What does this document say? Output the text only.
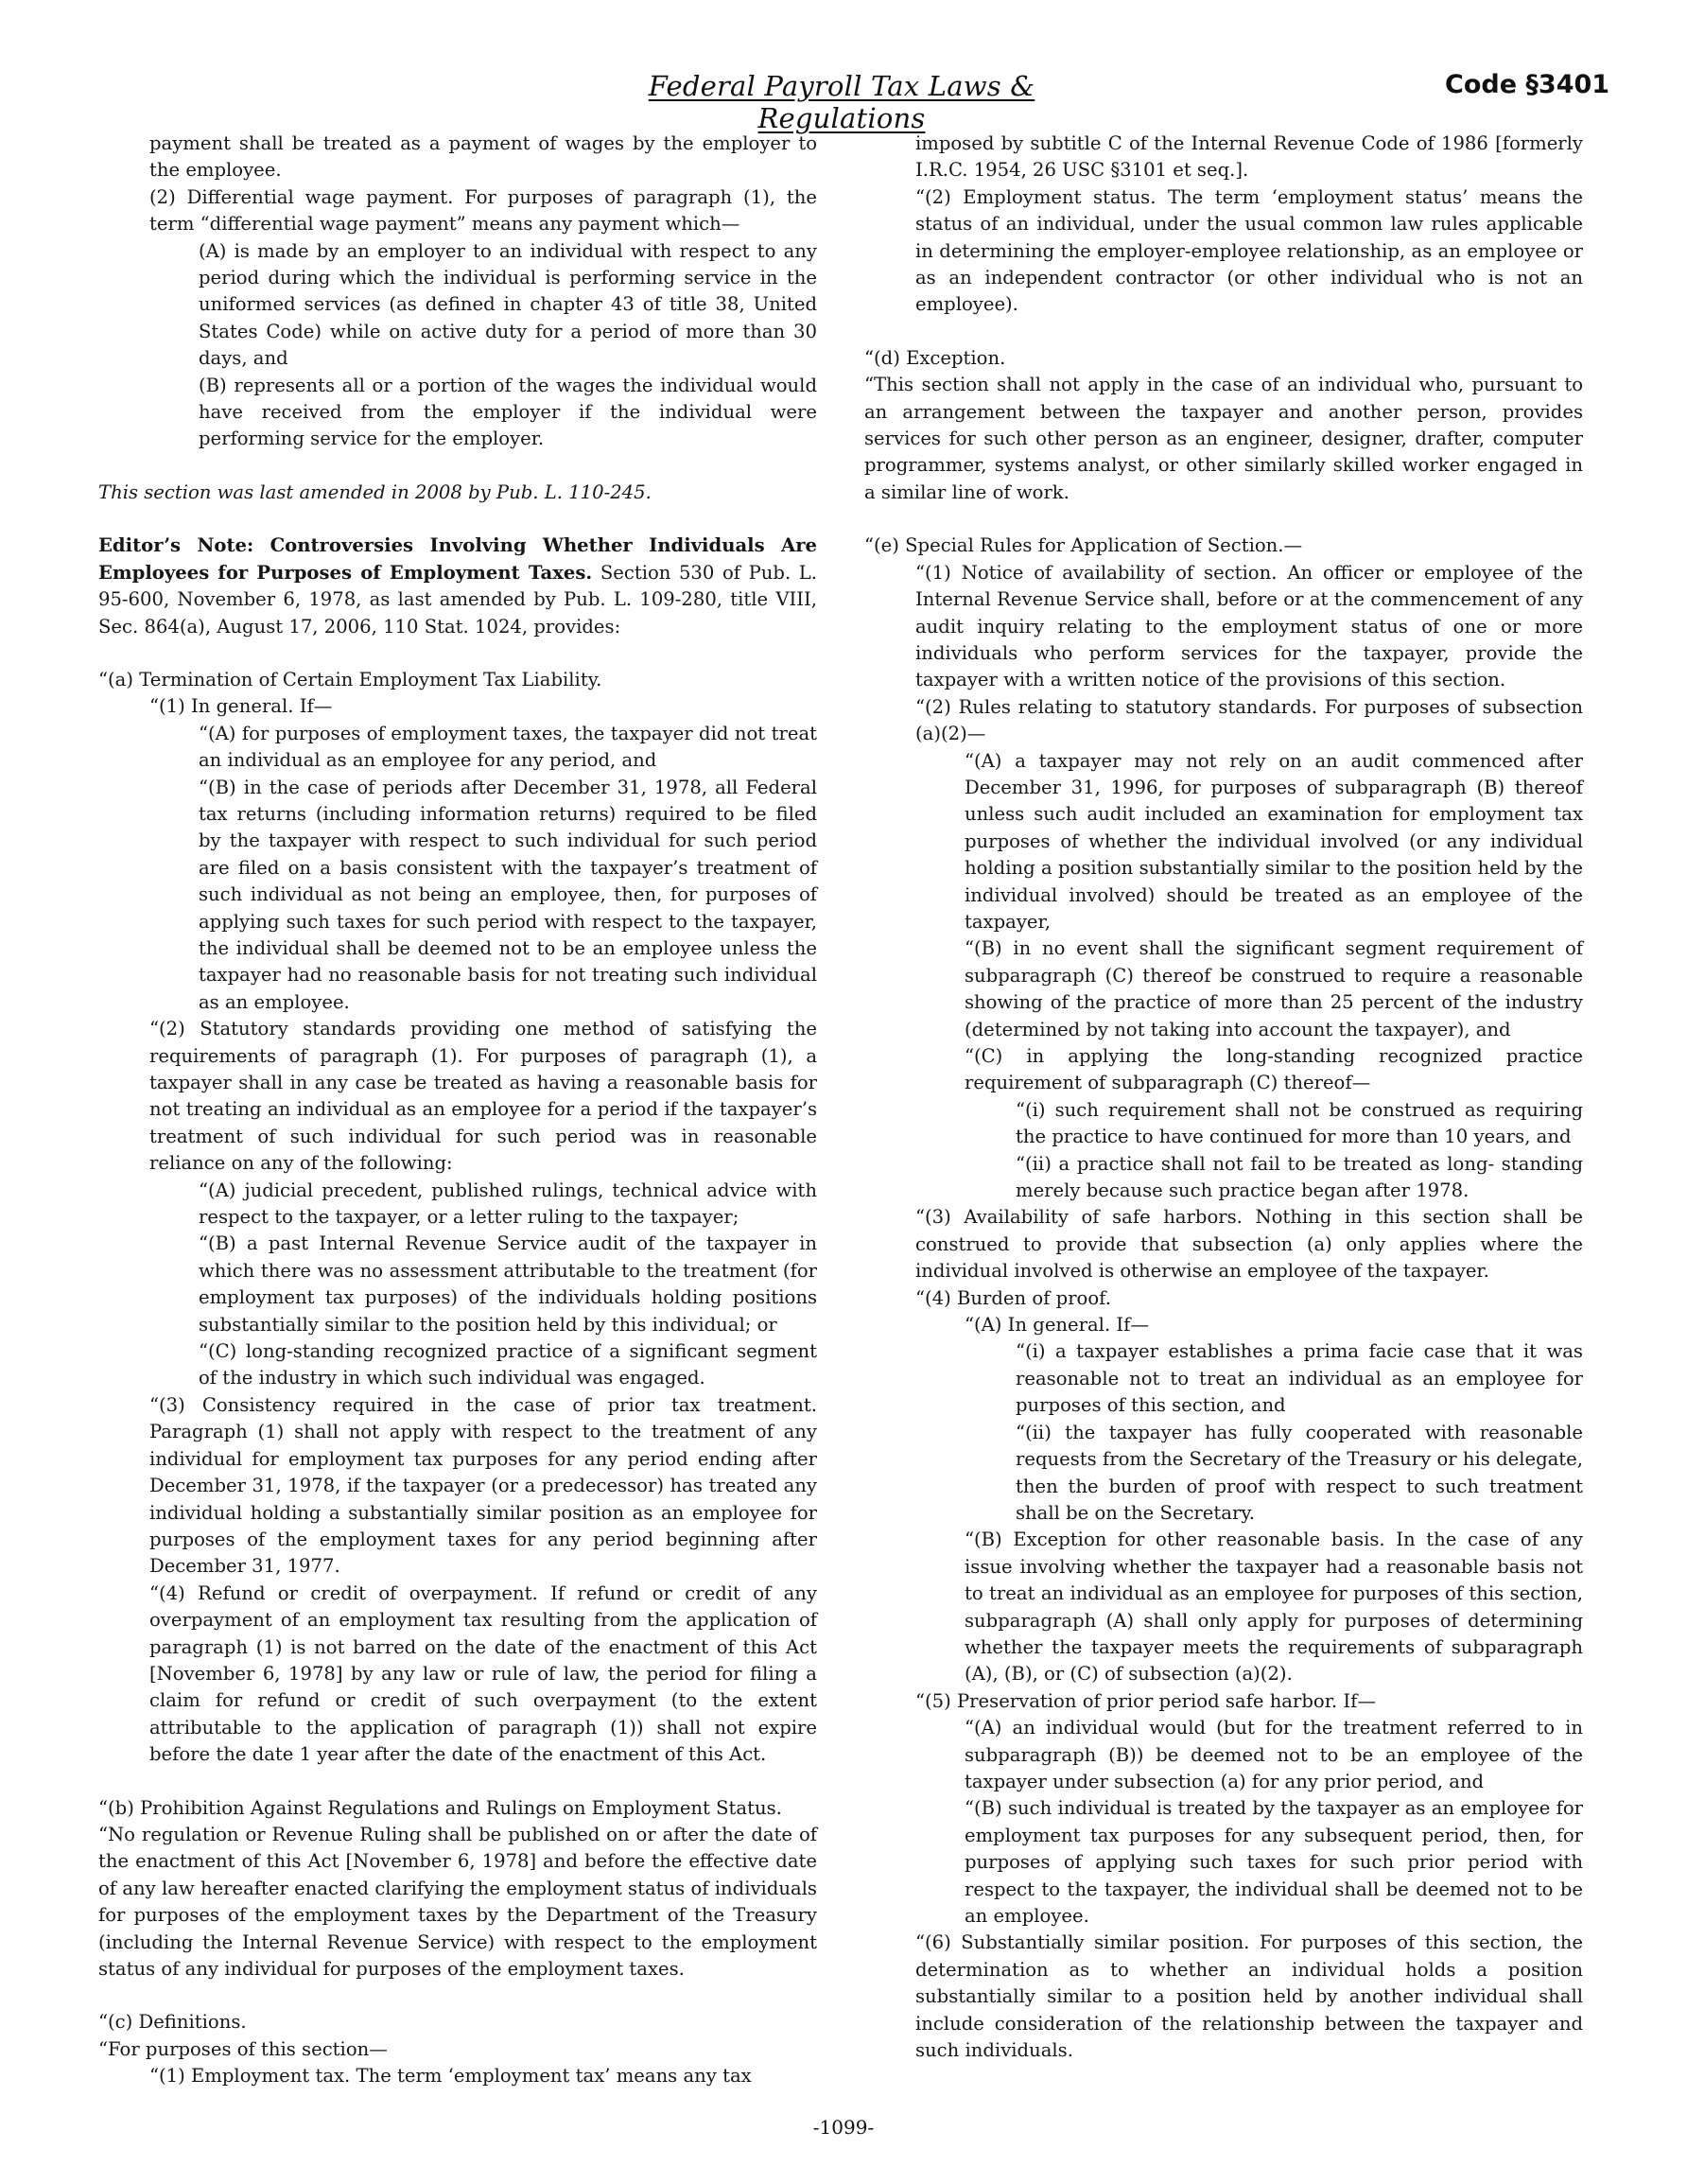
Federal Payroll Tax Laws & Regulations
Code §3401

payment shall be treated as a payment of wages by the employer to the employee.

(2) Differential wage payment. For purposes of paragraph (1), the term “differential wage payment” means any payment which—

(A) is made by an employer to an individual with respect to any period during which the individual is performing service in the uniformed services (as defined in chapter 43 of title 38, United States Code) while on active duty for a period of more than 30 days, and

(B) represents all or a portion of the wages the individual would have received from the employer if the individual were performing service for the employer.

This section was last amended in 2008 by Pub. L. 110-245.

Editor’s Note: Controversies Involving Whether Individuals Are Employees for Purposes of Employment Taxes. Section 530 of Pub. L. 95-600, November 6, 1978, as last amended by Pub. L. 109-280, title VIII, Sec. 864(a), August 17, 2006, 110 Stat. 1024, provides:

“(a) Termination of Certain Employment Tax Liability.

“(1) In general. If—

“(A) for purposes of employment taxes, the taxpayer did not treat an individual as an employee for any period, and

“(B) in the case of periods after December 31, 1978, all Federal tax returns (including information returns) required to be filed by the taxpayer with respect to such individual for such period are filed on a basis consistent with the taxpayer’s treatment of such individual as not being an employee, then, for purposes of applying such taxes for such period with respect to the taxpayer, the individual shall be deemed not to be an employee unless the taxpayer had no reasonable basis for not treating such individual as an employee.

“(2) Statutory standards providing one method of satisfying the requirements of paragraph (1). For purposes of paragraph (1), a taxpayer shall in any case be treated as having a reasonable basis for not treating an individual as an employee for a period if the taxpayer’s treatment of such individual for such period was in reasonable reliance on any of the following:

“(A) judicial precedent, published rulings, technical advice with respect to the taxpayer, or a letter ruling to the taxpayer;

“(B) a past Internal Revenue Service audit of the taxpayer in which there was no assessment attributable to the treatment (for employment tax purposes) of the individuals holding positions substantially similar to the position held by this individual; or

“(C) long-standing recognized practice of a significant segment of the industry in which such individual was engaged.

“(3) Consistency required in the case of prior tax treatment. Paragraph (1) shall not apply with respect to the treatment of any individual for employment tax purposes for any period ending after December 31, 1978, if the taxpayer (or a predecessor) has treated any individual holding a substantially similar position as an employee for purposes of the employment taxes for any period beginning after December 31, 1977.

“(4) Refund or credit of overpayment. If refund or credit of any overpayment of an employment tax resulting from the application of paragraph (1) is not barred on the date of the enactment of this Act [November 6, 1978] by any law or rule of law, the period for filing a claim for refund or credit of such overpayment (to the extent attributable to the application of paragraph (1)) shall not expire before the date 1 year after the date of the enactment of this Act.

“(b) Prohibition Against Regulations and Rulings on Employment Status.

“No regulation or Revenue Ruling shall be published on or after the date of the enactment of this Act [November 6, 1978] and before the effective date of any law hereafter enacted clarifying the employment status of individuals for purposes of the employment taxes by the Department of the Treasury (including the Internal Revenue Service) with respect to the employment status of any individual for purposes of the employment taxes.

“(c) Definitions.

“For purposes of this section—

“(1) Employment tax. The term ‘employment tax’ means any tax

imposed by subtitle C of the Internal Revenue Code of 1986 [formerly I.R.C. 1954, 26 USC §3101 et seq.].

“(2) Employment status. The term ‘employment status’ means the status of an individual, under the usual common law rules applicable in determining the employer-employee relationship, as an employee or as an independent contractor (or other individual who is not an employee).

“(d) Exception.

“This section shall not apply in the case of an individual who, pursuant to an arrangement between the taxpayer and another person, provides services for such other person as an engineer, designer, drafter, computer programmer, systems analyst, or other similarly skilled worker engaged in a similar line of work.

“(e) Special Rules for Application of Section.—

“(1) Notice of availability of section. An officer or employee of the Internal Revenue Service shall, before or at the commencement of any audit inquiry relating to the employment status of one or more individuals who perform services for the taxpayer, provide the taxpayer with a written notice of the provisions of this section.

“(2) Rules relating to statutory standards. For purposes of subsection (a)(2)—

“(A) a taxpayer may not rely on an audit commenced after December 31, 1996, for purposes of subparagraph (B) thereof unless such audit included an examination for employment tax purposes of whether the individual involved (or any individual holding a position substantially similar to the position held by the individual involved) should be treated as an employee of the taxpayer,

“(B) in no event shall the significant segment requirement of subparagraph (C) thereof be construed to require a reasonable showing of the practice of more than 25 percent of the industry (determined by not taking into account the taxpayer), and

“(C) in applying the long-standing recognized practice requirement of subparagraph (C) thereof—

“(i) such requirement shall not be construed as requiring the practice to have continued for more than 10 years, and

“(ii) a practice shall not fail to be treated as long- standing merely because such practice began after 1978.

“(3) Availability of safe harbors. Nothing in this section shall be construed to provide that subsection (a) only applies where the individual involved is otherwise an employee of the taxpayer.

“(4) Burden of proof.

“(A) In general. If—

“(i) a taxpayer establishes a prima facie case that it was reasonable not to treat an individual as an employee for purposes of this section, and

“(ii) the taxpayer has fully cooperated with reasonable requests from the Secretary of the Treasury or his delegate, then the burden of proof with respect to such treatment shall be on the Secretary.

“(B) Exception for other reasonable basis. In the case of any issue involving whether the taxpayer had a reasonable basis not to treat an individual as an employee for purposes of this section, subparagraph (A) shall only apply for purposes of determining whether the taxpayer meets the requirements of subparagraph (A), (B), or (C) of subsection (a)(2).

“(5) Preservation of prior period safe harbor. If—

“(A) an individual would (but for the treatment referred to in subparagraph (B)) be deemed not to be an employee of the taxpayer under subsection (a) for any prior period, and

“(B) such individual is treated by the taxpayer as an employee for employment tax purposes for any subsequent period, then, for purposes of applying such taxes for such prior period with respect to the taxpayer, the individual shall be deemed not to be an employee.

“(6) Substantially similar position. For purposes of this section, the determination as to whether an individual holds a position substantially similar to a position held by another individual shall include consideration of the relationship between the taxpayer and such individuals.

-1099-
